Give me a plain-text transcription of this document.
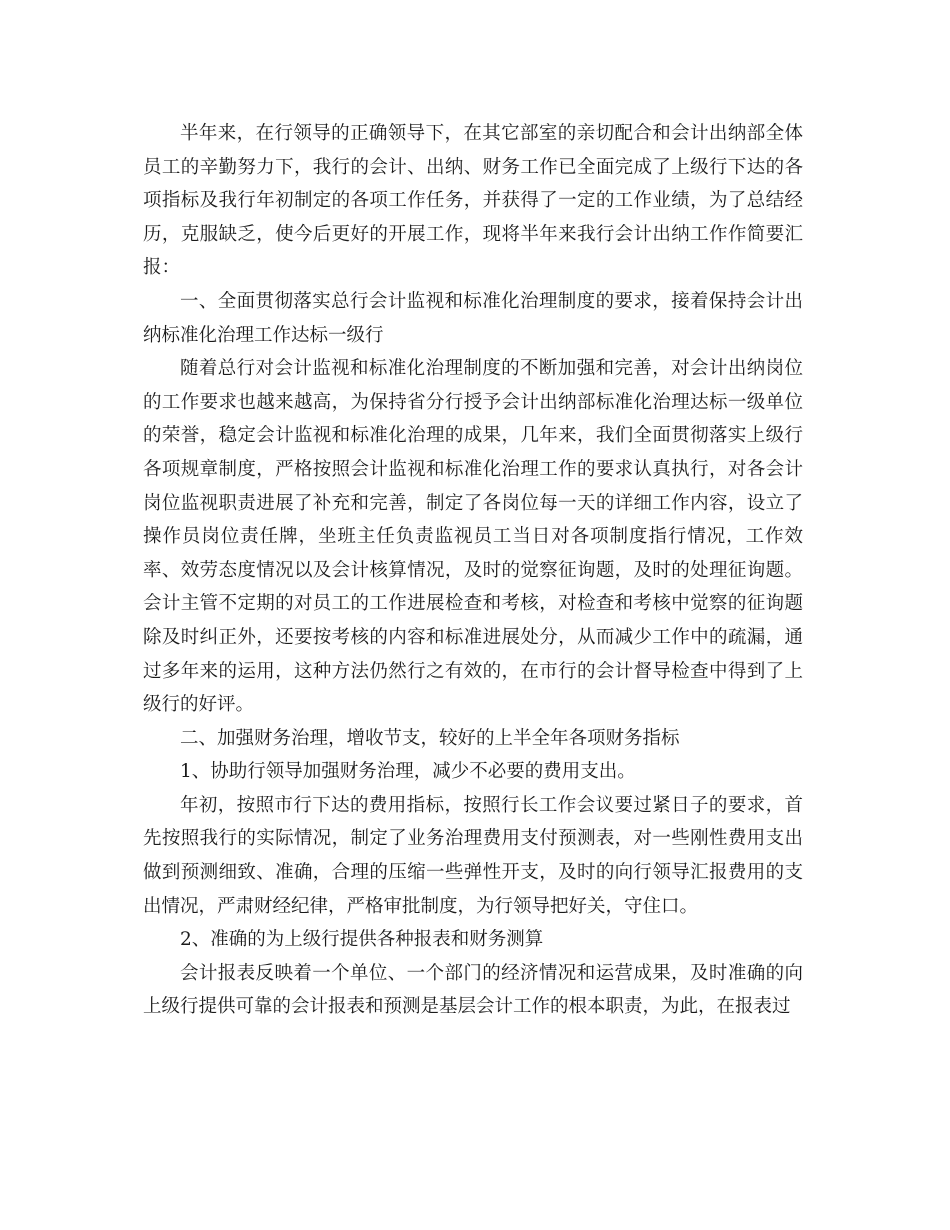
半年来，在行领导的正确领导下，在其它部室的亲切配合和会计出纳部全体员工的辛勤努力下，我行的会计、出纳、财务工作已全面完成了上级行下达的各项指标及我行年初制定的各项工作任务，并获得了一定的工作业绩，为了总结经历，克服缺乏，使今后更好的开展工作，现将半年来我行会计出纳工作作简要汇报：

一、全面贯彻落实总行会计监视和标准化治理制度的要求，接着保持会计出纳标准化治理工作达标一级行

随着总行对会计监视和标准化治理制度的不断加强和完善，对会计出纳岗位的工作要求也越来越高，为保持省分行授予会计出纳部标准化治理达标一级单位的荣誉，稳定会计监视和标准化治理的成果，几年来，我们全面贯彻落实上级行各项规章制度，严格按照会计监视和标准化治理工作的要求认真执行，对各会计岗位监视职责进展了补充和完善，制定了各岗位每一天的详细工作内容，设立了操作员岗位责任牌，坐班主任负责监视员工当日对各项制度指行情况，工作效率、效劳态度情况以及会计核算情况，及时的觉察征询题，及时的处理征询题。会计主管不定期的对员工的工作进展检查和考核，对检查和考核中觉察的征询题除及时纠正外，还要按考核的内容和标准进展处分，从而减少工作中的疏漏，通过多年来的运用，这种方法仍然行之有效的，在市行的会计督导检查中得到了上级行的好评。

二、加强财务治理，增收节支，较好的上半全年各项财务指标

1、协助行领导加强财务治理，减少不必要的费用支出。

年初，按照市行下达的费用指标，按照行长工作会议要过紧日子的要求，首先按照我行的实际情况，制定了业务治理费用支付预测表，对一些刚性费用支出做到预测细致、准确，合理的压缩一些弹性开支，及时的向行领导汇报费用的支出情况，严肃财经纪律，严格审批制度，为行领导把好关，守住口。

2、准确的为上级行提供各种报表和财务测算

会计报表反映着一个单位、一个部门的经济情况和运营成果，及时准确的向上级行提供可靠的会计报表和预测是基层会计工作的根本职责，为此，在报表过
